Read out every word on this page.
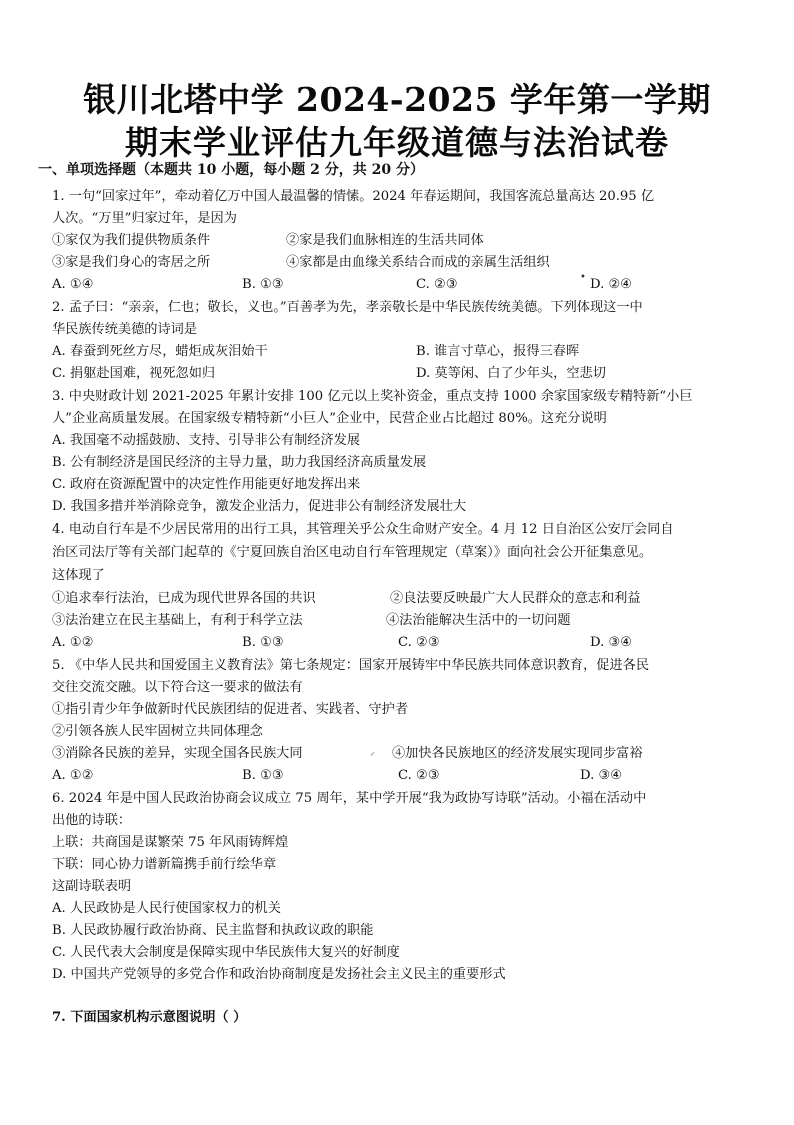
银川北塔中学 2024-2025 学年第一学期
期末学业评估九年级道德与法治试卷
一、单项选择题（本题共 10 小题，每小题 2 分，共 20 分）
1. 一句“回家过年”，牵动着亿万中国人最温馨的情愫。2024 年春运期间，我国客流总量高达 20.95 亿
人次。“万里”归家过年，是因为
①家仅为我们提供物质条件	②家是我们血脉相连的生活共同体
③家是我们身心的寄居之所	④家都是由血缘关系结合而成的亲属生活组织
A. ①④	B. ①③	C. ②③	D. ②④
•
2. 孟子曰：“亲亲，仁也；敬长，义也。”百善孝为先，孝亲敬长是中华民族传统美德。下列体现这一中
华民族传统美德的诗词是
A. 春蚕到死丝方尽，蜡炬成灰泪始干	B. 谁言寸草心，报得三春晖
C. 捐躯赴国难，视死忽如归	D. 莫等闲、白了少年头，空悲切
3. 中央财政计划 2021-2025 年累计安排 100 亿元以上奖补资金，重点支持 1000 余家国家级专精特新“小巨
人”企业高质量发展。在国家级专精特新“小巨人”企业中，民营企业占比超过 80%。这充分说明
A. 我国毫不动摇鼓励、支持、引导非公有制经济发展
B. 公有制经济是国民经济的主导力量，助力我国经济高质量发展
C. 政府在资源配置中的决定性作用能更好地发挥出来
D. 我国多措并举消除竞争，激发企业活力，促进非公有制经济发展壮大
4. 电动自行车是不少居民常用的出行工具，其管理关乎公众生命财产安全。4 月 12 日自治区公安厅会同自
治区司法厅等有关部门起草的《宁夏回族自治区电动自行车管理规定（草案）》面向社会公开征集意见。
这体现了
①追求奉行法治，已成为现代世界各国的共识	②良法要反映最广大人民群众的意志和利益
③法治建立在民主基础上，有利于科学立法	④法治能解决生活中的一切问题
A. ①②	B. ①③	C. ②③	D. ③④
5. 《中华人民共和国爱国主义教育法》第七条规定：国家开展铸牢中华民族共同体意识教育，促进各民
交往交流交融。以下符合这一要求的做法有
①指引青少年争做新时代民族团结的促进者、实践者、守护者
②引领各族人民牢固树立共同体理念
③消除各民族的差异，实现全国各民族大同	⸝ ④加快各民族地区的经济发展实现同步富裕
A. ①②	B. ①③	C. ②③	D. ③④
6. 2024 年是中国人民政治协商会议成立 75 周年，某中学开展“我为政协写诗联”活动。小福在活动中
出他的诗联：
上联：共商国是谋繁荣 75 年风雨铸辉煌
下联：同心协力谱新篇携手前行绘华章
这副诗联表明
A. 人民政协是人民行使国家权力的机关
B. 人民政协履行政治协商、民主监督和执政议政的职能
C. 人民代表大会制度是保障实现中华民族伟大复兴的好制度
D. 中国共产党领导的多党合作和政治协商制度是发扬社会主义民主的重要形式
7. 下面国家机构示意图说明（ ）
